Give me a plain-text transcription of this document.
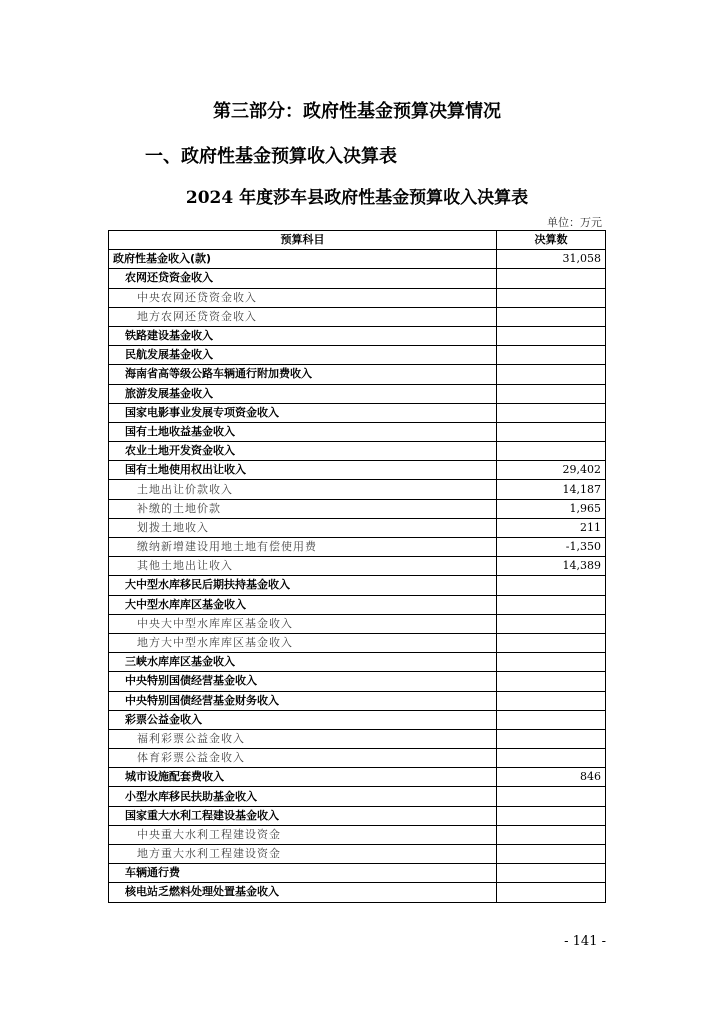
第三部分：政府性基金预算决算情况
一、政府性基金预算收入决算表
2024 年度莎车县政府性基金预算收入决算表
单位：万元
预算科目	决算数
政府性基金收入(款)	31,058
农网还贷资金收入	
中央农网还贷资金收入	
地方农网还贷资金收入	
铁路建设基金收入	
民航发展基金收入	
海南省高等级公路车辆通行附加费收入	
旅游发展基金收入	
国家电影事业发展专项资金收入	
国有土地收益基金收入	
农业土地开发资金收入	
国有土地使用权出让收入	29,402
土地出让价款收入	14,187
补缴的土地价款	1,965
划拨土地收入	211
缴纳新增建设用地土地有偿使用费	-1,350
其他土地出让收入	14,389
大中型水库移民后期扶持基金收入	
大中型水库库区基金收入	
中央大中型水库库区基金收入	
地方大中型水库库区基金收入	
三峡水库库区基金收入	
中央特别国债经营基金收入	
中央特别国债经营基金财务收入	
彩票公益金收入	
福利彩票公益金收入	
体育彩票公益金收入	
城市设施配套费收入	846
小型水库移民扶助基金收入	
国家重大水利工程建设基金收入	
中央重大水利工程建设资金	
地方重大水利工程建设资金	
车辆通行费	
核电站乏燃料处理处置基金收入	
- 141 -
